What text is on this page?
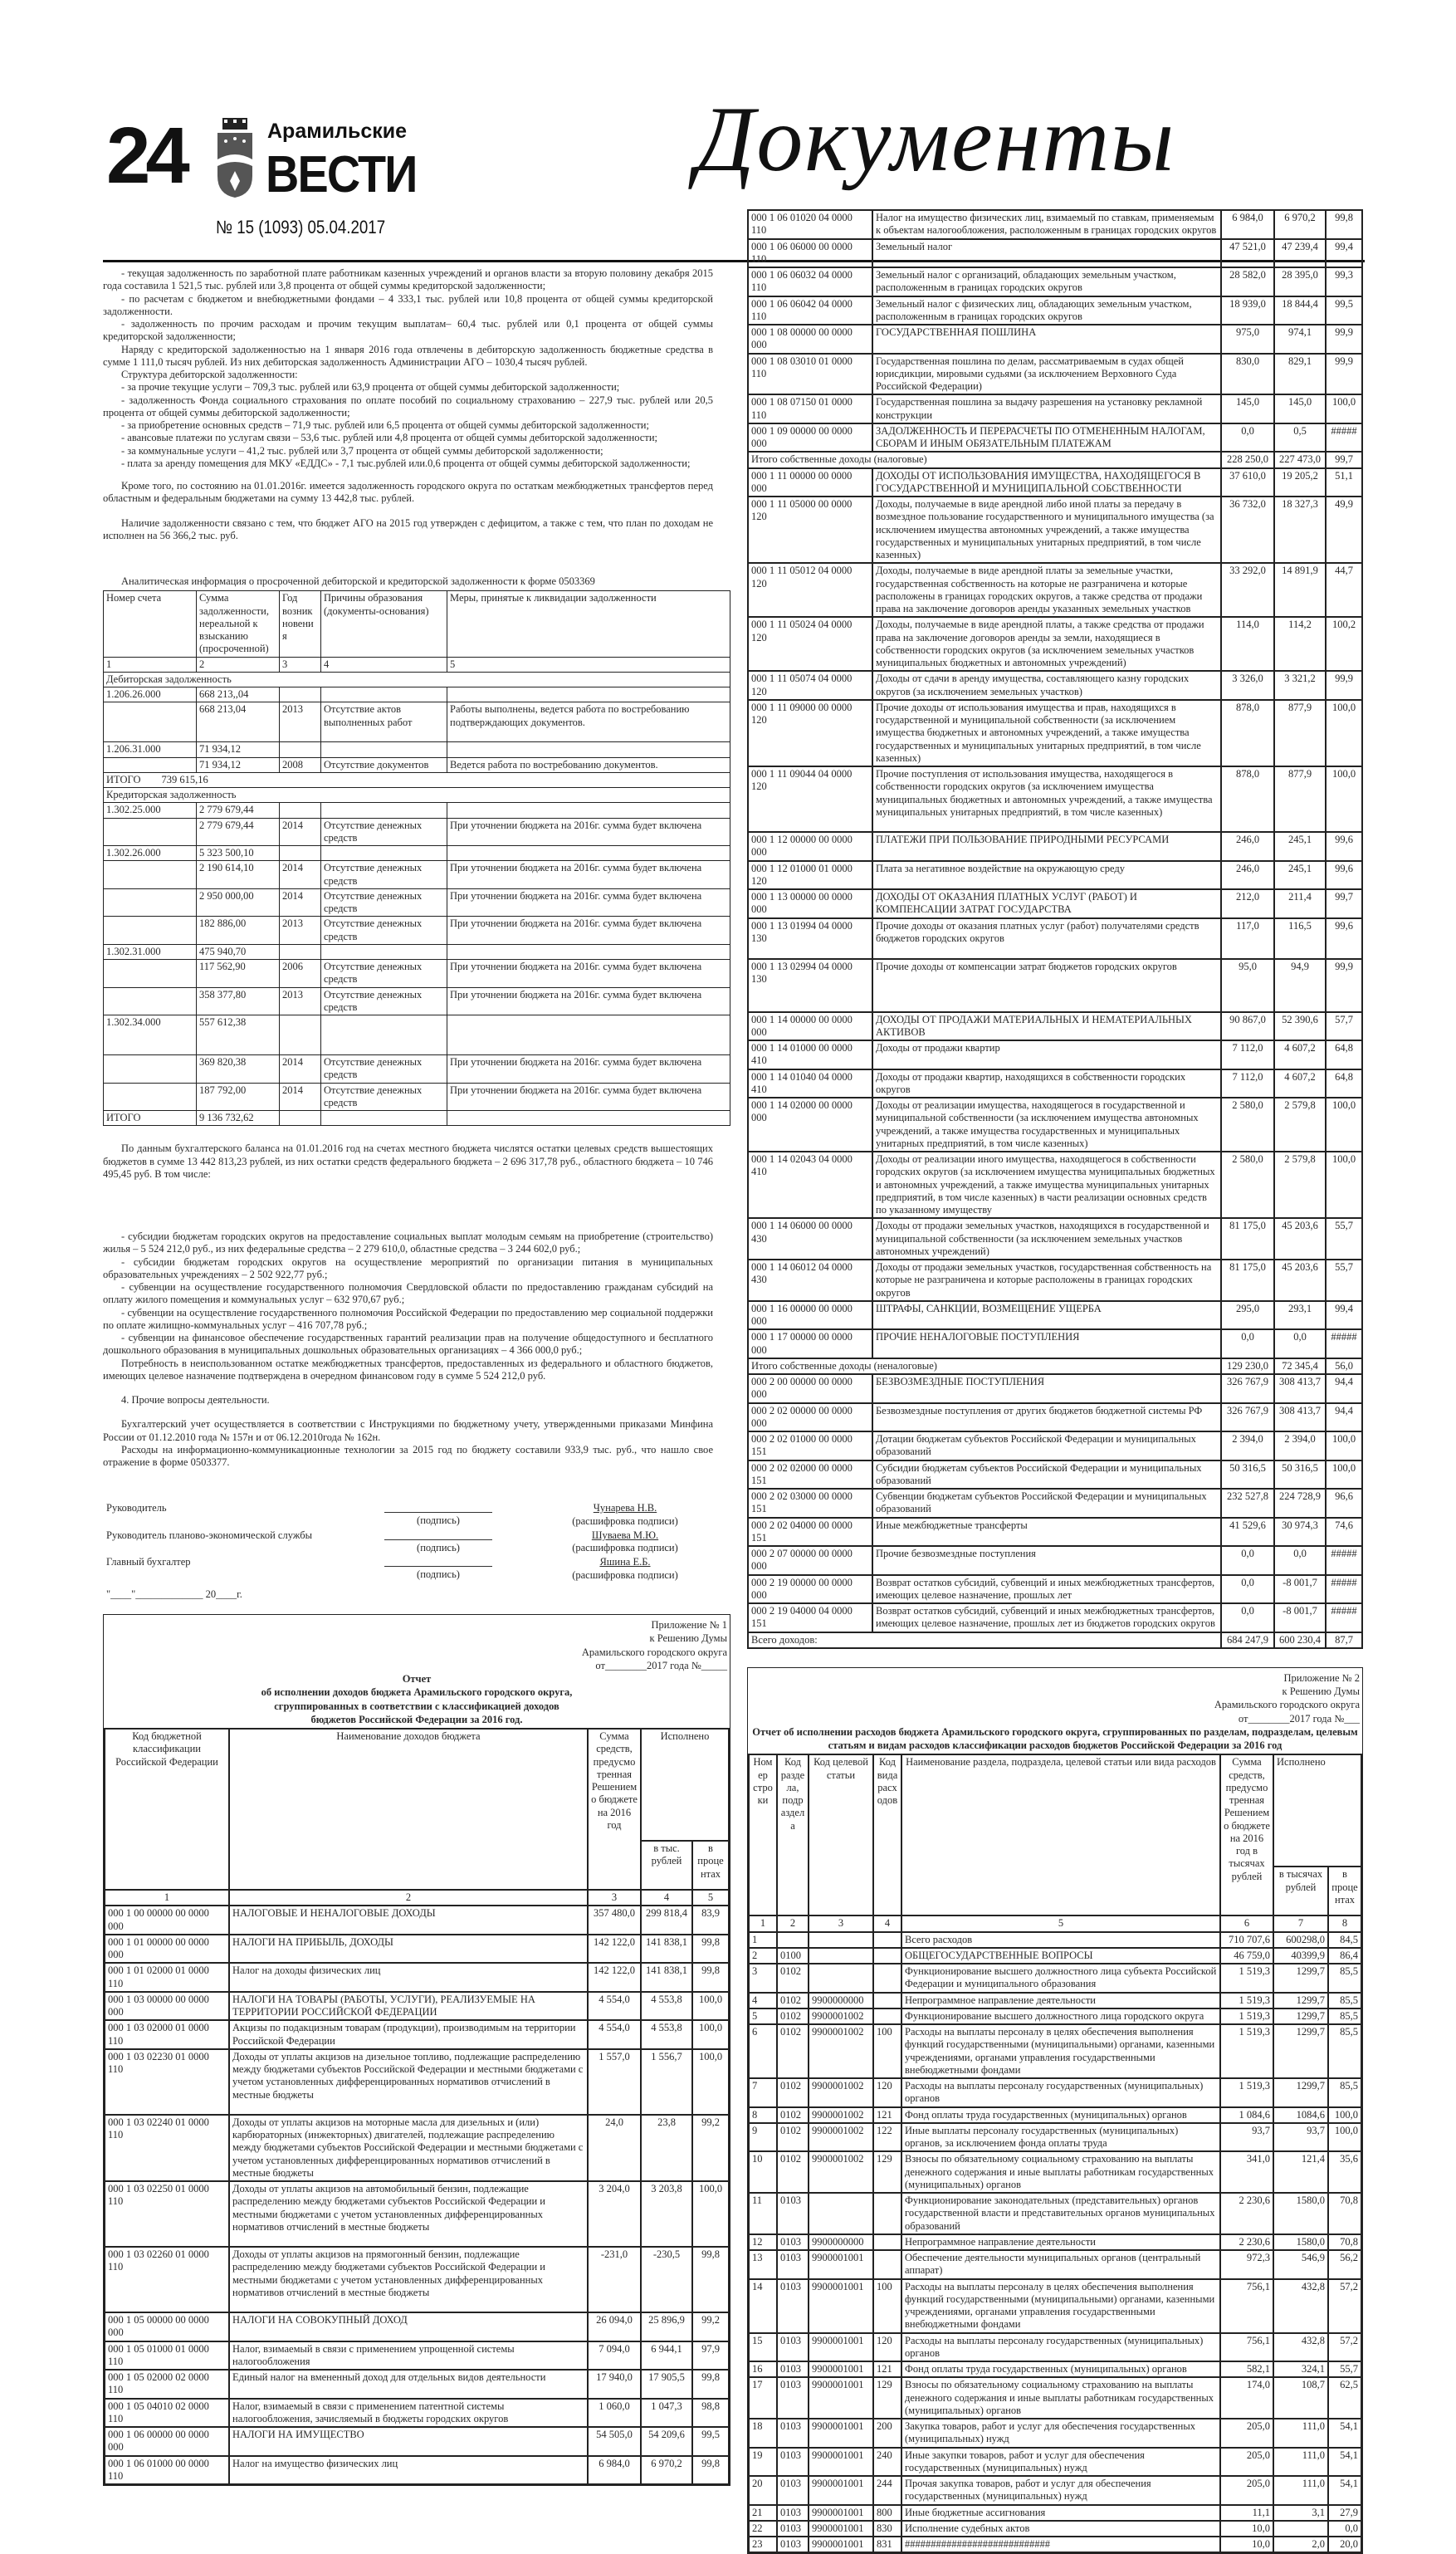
24	Арамильские
ВЕСТИ
№ 15 (1093) 05.04.2017
Документы

- текущая задолженность по заработной плате работникам казенных учреждений и органов власти за вторую половину декабря 2015 года составила 1 521,5 тыс. рублей или 3,8 процента от общей суммы кредиторской задолженности;

- по расчетам с бюджетом и внебюджетными фондами – 4 333,1 тыс. рублей или 10,8 процента от общей суммы кредиторской задолженности.

- задолженность по прочим расходам и прочим текущим выплатам– 60,4 тыс. рублей или 0,1 процента от общей суммы кредиторской задолженности;

Наряду с кредиторской задолженностью на 1 января 2016 года отвлечены в дебиторскую задолженность бюджетные средства в сумме 1 111,0 тысяч рублей. Из них дебиторская задолженность Администрации АГО – 1030,4 тысяч рублей.

Структура дебиторской задолженности:

- за прочие текущие услуги – 709,3 тыс. рублей или 63,9 процента от общей суммы дебиторской задолженности;

- задолженность Фонда социального страхования по оплате пособий по социальному страхованию – 227,9 тыс. рублей или 20,5 процента от общей суммы дебиторской задолженности;

- за приобретение основных средств – 71,9 тыс. рублей или 6,5 процента от общей суммы дебиторской задолженности;

- авансовые платежи по услугам связи – 53,6 тыс. рублей или 4,8 процента от общей суммы дебиторской задолженности;

- за коммунальные услуги – 41,2 тыс. рублей или 3,7 процента от общей суммы дебиторской задолженности;

- плата за аренду помещения для МКУ «ЕДДС» - 7,1 тыс.рублей или.0,6 процента от общей суммы дебиторской задолженности;

Кроме того, по состоянию на 01.01.2016г. имеется задолженность городского округа по остаткам межбюджетных трансфертов перед областным и федеральным бюджетами на сумму 13 442,8 тыс. рублей.

Наличие задолженности связано с тем, что бюджет АГО на 2015 год утвержден с дефицитом, а также с тем, что план по доходам не исполнен на 56 366,2 тыс. руб.

Аналитическая информация о просроченной дебиторской и кредиторской задолженности к форме 0503369
Номер счета	Сумма задолженности, нереальной к взысканию (просроченной)	Год возникновения	Причины образования (документы-основания)	Меры, принятые к ликвидации задолженности
1	2	3	4	5
Дебиторская задолженность				
1.206.26.000	668 213,,04			
	668 213,04	2013	Отсутствие актов выполненных работ	Работы выполнены, ведется работа по востребованию подтверждающих документов.
1.206.31.000	71 934,12			
	71 934,12	2008	Отсутствие документов	Ведется работа по востребованию документов.
ИТОГО        739 615,16				
Кредиторская задолженность				
1.302.25.000	2 779 679,44			
	2 779 679,44	2014	Отсутствие денежных средств	При уточнении бюджета на 2016г. сумма будет включена
1.302.26.000	5 323 500,10			
	2 190 614,10	2014	Отсутствие денежных средств	При уточнении бюджета на 2016г. сумма будет включена
	2 950 000,00	2014	Отсутствие денежных средств	При уточнении бюджета на 2016г. сумма будет включена
	182 886,00	2013	Отсутствие денежных средств	При уточнении бюджета на 2016г. сумма будет включена
1.302.31.000	475 940,70			
	117 562,90	2006	Отсутствие денежных средств	При уточнении бюджета на 2016г. сумма будет включена
	358 377,80	2013	Отсутствие денежных средств	При уточнении бюджета на 2016г. сумма будет включена
1.302.34.000	557 612,38			
	369 820,38	2014	Отсутствие денежных средств	При уточнении бюджета на 2016г. сумма будет включена
	187 792,00	2014	Отсутствие денежных средств	При уточнении бюджета на 2016г. сумма будет включена
ИТОГО	9 136 732,62			

По данным бухгалтерского баланса на 01.01.2016 год на счетах местного бюджета числятся остатки целевых средств вышестоящих бюджетов в сумме 13 442 813,23 рублей, из них остатки средств федерального бюджета – 2 696 317,78 руб., областного бюджета – 10 746 495,45 руб. В том числе:

- субсидии бюджетам городских округов на предоставление социальных выплат молодым семьям на приобретение (строительство) жилья – 5 524 212,0 руб., из них федеральные средства – 2 279 610,0, областные средства – 3 244 602,0 руб.;

- субсидии бюджетам городских округов на осуществление мероприятий по организации питания в муниципальных образовательных учреждениях – 2 502 922,77 руб.;

- субвенции на осуществление государственного полномочия Свердловской области по предоставлению гражданам субсидий на оплату жилого помещения и коммунальных услуг – 632 970,67 руб.;

- субвенции на осуществление государственного полномочия Российской Федерации по предоставлению мер социальной поддержки по оплате жилищно-коммунальных услуг – 416 707,78 руб.;

- субвенции на финансовое обеспечение государственных гарантий реализации прав на получение общедоступного и бесплатного дошкольного образования в муниципальных дошкольных образовательных организациях – 4 366 000,0 руб.;

Потребность в неиспользованном остатке межбюджетных трансфертов, предоставленных из федерального и областного бюджетов, имеющих целевое назначение подтверждена в очередном финансовом году в сумме 5 524 212,0 руб.

4. Прочие вопросы деятельности.

Бухгалтерский учет осуществляется в соответствии с Инструкциями по бюджетному учету, утвержденными приказами Минфина России от 01.12.2010 года № 157н и от 06.12.2010года № 162н.

Расходы на информационно-коммуникационные технологии за 2015 год по бюджету составили 933,9 тыс. руб., что нашло свое отражение в форме 0503377.

Руководитель
(подпись)
Чунарева Н.В.
(расшифровка подписи)
Руководитель планово-экономической службы
(подпись)
Шуваева М.Ю.
(расшифровка подписи)
Главный бухгалтер
(подпись)
Яшина Е.Б.
(расшифровка подписи)
"____"_____________ 20____г.
Приложение № 1
к Решению Думы
Арамильского городского округа
от________2017 года №_____
Отчет
об исполнении доходов бюджета Арамильского городского округа,
сгруппированных в соответствии с классификацией доходов
бюджетов Российской Федерации за 2016 год.
Код бюджетной классификации Российской Федерации	Наименование доходов бюджета	Сумма средств, предусмотренная Решением о бюджете на 2016 год	Исполнено	
			в тыс. рублей	в процентах
1	2	3	4	5
000 1 00 00000 00 0000 000	НАЛОГОВЫЕ И НЕНАЛОГОВЫЕ ДОХОДЫ	357 480,0	299 818,4	83,9
000 1 01 00000 00 0000 000	НАЛОГИ НА ПРИБЫЛЬ, ДОХОДЫ	142 122,0	141 838,1	99,8
000 1 01 02000 01 0000 110	Налог на доходы физических лиц	142 122,0	141 838,1	99,8
000 1 03 00000 00 0000 000	НАЛОГИ НА ТОВАРЫ (РАБОТЫ, УСЛУГИ), РЕАЛИЗУЕМЫЕ НА ТЕРРИТОРИИ РОССИЙСКОЙ ФЕДЕРАЦИИ	4 554,0	4 553,8	100,0
000 1 03 02000 01 0000 110	Акцизы по подакцизным товарам (продукции), производимым на территории Российской Федерации	4 554,0	4 553,8	100,0
000 1 03 02230 01 0000 110	Доходы от уплаты акцизов на дизельное топливо, подлежащие распределению между бюджетами субъектов Российской Федерации и местными бюджетами с учетом установленных дифференцированных нормативов отчислений в местные бюджеты	1 557,0	1 556,7	100,0
000 1 03 02240 01 0000 110	Доходы от уплаты акцизов на моторные масла для дизельных и (или) карбюраторных (инжекторных) двигателей, подлежащие распределению между бюджетами субъектов Российской Федерации и местными бюджетами с учетом установленных дифференцированных нормативов отчислений в местные бюджеты	24,0	23,8	99,2
000 1 03 02250 01 0000 110	Доходы от уплаты акцизов на автомобильный бензин, подлежащие распределению между бюджетами субъектов Российской Федерации и местными бюджетами с учетом установленных дифференцированных нормативов отчислений в местные бюджеты	3 204,0	3 203,8	100,0
000 1 03 02260 01 0000 110	Доходы от уплаты акцизов на прямогонный бензин, подлежащие распределению между бюджетами субъектов Российской Федерации и местными бюджетами с учетом установленных дифференцированных нормативов отчислений в местные бюджеты	-231,0	-230,5	99,8
000 1 05 00000 00 0000 000	НАЛОГИ НА СОВОКУПНЫЙ ДОХОД	26 094,0	25 896,9	99,2
000 1 05 01000 01 0000 110	Налог, взимаемый в связи с применением упрощенной системы налогообложения	7 094,0	6 944,1	97,9
000 1 05 02000 02 0000 110	Единый налог на вмененный доход для отдельных видов деятельности	17 940,0	17 905,5	99,8
000 1 05 04010 02 0000 110	Налог, взимаемый в связи с применением патентной системы налогообложения, зачисляемый в бюджеты городских округов	1 060,0	1 047,3	98,8
000 1 06 00000 00 0000 000	НАЛОГИ НА ИМУЩЕСТВО	54 505,0	54 209,6	99,5
000 1 06 01000 00 0000 110	Налог на имущество физических лиц	6 984,0	6 970,2	99,8
000 1 06 01020 04 0000 110	Налог на имущество физических лиц, взимаемый по ставкам, применяемым к объектам налогообложения, расположенным в границах городских округов	6 984,0	6 970,2	99,8
000 1 06 06000 00 0000 110	Земельный налог	47 521,0	47 239,4	99,4
000 1 06 06032 04 0000 110	Земельный налог с организаций, обладающих земельным участком, расположенным в границах городских округов	28 582,0	28 395,0	99,3
000 1 06 06042 04 0000 110	Земельный налог с физических лиц, обладающих земельным участком, расположенным в границах городских округов	18 939,0	18 844,4	99,5
000 1 08 00000 00 0000 000	ГОСУДАРСТВЕННАЯ ПОШЛИНА	975,0	974,1	99,9
000 1 08 03010 01 0000 110	Государственная пошлина по делам, рассматриваемым в судах общей юрисдикции, мировыми судьями (за исключением Верховного Суда Российской Федерации)	830,0	829,1	99,9
000 1 08 07150 01 0000 110	Государственная пошлина за выдачу разрешения на установку рекламной конструкции	145,0	145,0	100,0
000 1 09 00000 00 0000 000	ЗАДОЛЖЕННОСТЬ И ПЕРЕРАСЧЕТЫ ПО ОТМЕНЕННЫМ НАЛОГАМ, СБОРАМ И ИНЫМ ОБЯЗАТЕЛЬНЫМ ПЛАТЕЖАМ	0,0	0,5	#####
Итого собственные доходы (налоговые)		228 250,0	227 473,0	99,7
000 1 11 00000 00 0000 000	ДОХОДЫ ОТ ИСПОЛЬЗОВАНИЯ ИМУЩЕСТВА, НАХОДЯЩЕГОСЯ В ГОСУДАРСТВЕННОЙ И МУНИЦИПАЛЬНОЙ СОБСТВЕННОСТИ	37 610,0	19 205,2	51,1
000 1 11 05000 00 0000 120	Доходы, получаемые в виде арендной либо иной платы за передачу в возмездное пользование государственного и муниципального имущества (за исключением имущества автономных учреждений, а также имущества государственных и муниципальных унитарных предприятий, в том числе казенных)	36 732,0	18 327,3	49,9
000 1 11 05012 04 0000 120	Доходы, получаемые в виде арендной платы за земельные участки, государственная собственность на которые не разграничена и которые расположены в границах городских округов, а также средства от продажи права на заключение договоров аренды указанных земельных участков	33 292,0	14 891,9	44,7
000 1 11 05024 04 0000 120	Доходы, получаемые в виде арендной платы, а также средства от продажи права на заключение договоров аренды за земли, находящиеся в собственности городских округов (за исключением земельных участков муниципальных бюджетных и автономных учреждений)	114,0	114,2	100,2
000 1 11 05074 04 0000 120	Доходы от сдачи в аренду имущества, составляющего казну городских округов (за исключением земельных участков)	3 326,0	3 321,2	99,9
000 1 11 09000 00 0000 120	Прочие доходы от использования имущества и прав, находящихся в государственной и муниципальной собственности (за исключением имущества бюджетных и автономных учреждений, а также имущества государственных и муниципальных унитарных предприятий, в том числе казенных)	878,0	877,9	100,0
000 1 11 09044 04 0000 120	Прочие поступления от использования имущества, находящегося в собственности городских округов (за исключением имущества муниципальных бюджетных и автономных учреждений, а также имущества муниципальных унитарных предприятий, в том числе казенных)	878,0	877,9	100,0
000 1 12 00000 00 0000 000	ПЛАТЕЖИ ПРИ ПОЛЬЗОВАНИЕ ПРИРОДНЫМИ РЕСУРСАМИ	246,0	245,1	99,6
000 1 12 01000 01 0000 120	Плата за негативное воздействие на окружающую среду	246,0	245,1	99,6
000 1 13 00000 00 0000 000	ДОХОДЫ ОТ ОКАЗАНИЯ ПЛАТНЫХ УСЛУГ (РАБОТ) И КОМПЕНСАЦИИ ЗАТРАТ ГОСУДАРСТВА	212,0	211,4	99,7
000 1 13 01994 04 0000 130	Прочие доходы от оказания платных услуг (работ) получателями средств бюджетов городских округов	117,0	116,5	99,6
000 1 13 02994 04 0000 130	Прочие доходы от компенсации затрат бюджетов городских округов	95,0	94,9	99,9
000 1 14 00000 00 0000 000	ДОХОДЫ ОТ ПРОДАЖИ МАТЕРИАЛЬНЫХ И НЕМАТЕРИАЛЬНЫХ АКТИВОВ	90 867,0	52 390,6	57,7
000 1 14 01000 00 0000 410	Доходы от продажи квартир	7 112,0	4 607,2	64,8
000 1 14 01040 04 0000 410	Доходы от продажи квартир, находящихся в собственности городских округов	7 112,0	4 607,2	64,8
000 1 14 02000 00 0000 000	Доходы от реализации имущества, находящегося в государственной и муниципальной собственности (за исключением имущества автономных учреждений, а также имущества государственных и муниципальных унитарных предприятий, в том числе казенных)	2 580,0	2 579,8	100,0
000 1 14 02043 04 0000 410	Доходы от реализации иного имущества, находящегося в собственности городских округов (за исключением имущества муниципальных бюджетных и автономных учреждений, а также имущества муниципальных унитарных предприятий, в том числе казенных) в части реализации основных средств по указанному имуществу	2 580,0	2 579,8	100,0
000 1 14 06000 00 0000 430	Доходы от продажи земельных участков, находящихся в государственной и муниципальной собственности (за исключением земельных участков автономных учреждений)	81 175,0	45 203,6	55,7
000 1 14 06012 04 0000 430	Доходы от продажи земельных участков, государственная собственность на которые не разграничена и которые расположены в границах городских округов	81 175,0	45 203,6	55,7
000 1 16 00000 00 0000 000	ШТРАФЫ, САНКЦИИ, ВОЗМЕЩЕНИЕ УЩЕРБА	295,0	293,1	99,4
000 1 17 00000 00 0000 000	ПРОЧИЕ НЕНАЛОГОВЫЕ ПОСТУПЛЕНИЯ	0,0	0,0	#####
Итого собственные доходы (неналоговые)		129 230,0	72 345,4	56,0
000 2 00 00000 00 0000 000	БЕЗВОЗМЕЗДНЫЕ ПОСТУПЛЕНИЯ	326 767,9	308 413,7	94,4
000 2 02 00000 00 0000 000	Безвозмездные поступления от других бюджетов бюджетной системы РФ	326 767,9	308 413,7	94,4
000 2 02 01000 00 0000 151	Дотации бюджетам субъектов Российской Федерации и муниципальных образований	2 394,0	2 394,0	100,0
000 2 02 02000 00 0000 151	Субсидии бюджетам субъектов Российской Федерации и муниципальных образований	50 316,5	50 316,5	100,0
000 2 02 03000 00 0000 151	Субвенции бюджетам субъектов Российской Федерации и муниципальных образований	232 527,8	224 728,9	96,6
000 2 02 04000 00 0000 151	Иные межбюджетные трансферты	41 529,6	30 974,3	74,6
000 2 07 00000 00 0000 000	Прочие безвозмездные поступления	0,0	0,0	#####
000 2 19 00000 00 0000 000	Возврат остатков субсидий, субвенций и иных межбюджетных трансфертов, имеющих целевое назначение, прошлых лет	0,0	-8 001,7	#####
000 2 19 04000 04 0000 151	Возврат остатков субсидий, субвенций и иных межбюджетных трансфертов, имеющих целевое назначение, прошлых лет из бюджетов городских округов	0,0	-8 001,7	#####
Всего доходов:		684 247,9	600 230,4	87,7
Приложение № 2
к Решению Думы
Арамильского городского округа
от________2017 года №___
Отчет об исполнении расходов бюджета Арамильского городского округа, сгруппированных по разделам, подразделам, целевым статьям и видам расходов классификации расходов бюджетов Российской Федерации за 2016 год
Номер строки	Код раздела, подраздела	Код целевой статьи	Код вида расходов	Наименование раздела, подраздела, целевой статьи или вида расходов	Сумма средств, предусмотренная Решением о бюджете на 2016 год в тысячах рублей	Исполнено	
						в тысячах рублей	в процентах
1	2	3	4	5	6	7	8
1				Всего расходов	710 707,6	600298,0	84,5
2	0100			ОБЩЕГОСУДАРСТВЕННЫЕ ВОПРОСЫ	46 759,0	40399,9	86,4
3	0102			Функционирование высшего должностного лица субъекта Российской Федерации и муниципального образования	1 519,3	1299,7	85,5
4	0102	9900000000		Непрограммное направление деятельности	1 519,3	1299,7	85,5
5	0102	9900001002		Функционирование высшего должностного лица городского округа	1 519,3	1299,7	85,5
6	0102	9900001002	100	Расходы на выплаты персоналу в целях обеспечения выполнения функций государственными (муниципальными) органами, казенными учреждениями, органами управления государственными внебюджетными фондами	1 519,3	1299,7	85,5
7	0102	9900001002	120	Расходы на выплаты персоналу государственных (муниципальных) органов	1 519,3	1299,7	85,5
8	0102	9900001002	121	Фонд оплаты труда государственных (муниципальных) органов	1 084,6	1084,6	100,0
9	0102	9900001002	122	Иные выплаты персоналу государственных (муниципальных) органов, за исключением фонда оплаты труда	93,7	93,7	100,0
10	0102	9900001002	129	Взносы по обязательному социальному страхованию на выплаты денежного содержания и иные выплаты работникам государственных (муниципальных) органов	341,0	121,4	35,6
11	0103			Функционирование законодательных (представительных) органов государственной власти и представительных органов муниципальных образований	2 230,6	1580,0	70,8
12	0103	9900000000		Непрограммное направление деятельности	2 230,6	1580,0	70,8
13	0103	9900001001		Обеспечение деятельности муниципальных органов (центральный аппарат)	972,3	546,9	56,2
14	0103	9900001001	100	Расходы на выплаты персоналу в целях обеспечения выполнения функций государственными (муниципальными) органами, казенными учреждениями, органами управления государственными внебюджетными фондами	756,1	432,8	57,2
15	0103	9900001001	120	Расходы на выплаты персоналу государственных (муниципальных) органов	756,1	432,8	57,2
16	0103	9900001001	121	Фонд оплаты труда государственных (муниципальных) органов	582,1	324,1	55,7
17	0103	9900001001	129	Взносы по обязательному социальному страхованию на выплаты денежного содержания и иные выплаты работникам государственных (муниципальных) органов	174,0	108,7	62,5
18	0103	9900001001	200	Закупка товаров, работ и услуг для обеспечения государственных (муниципальных) нужд	205,0	111,0	54,1
19	0103	9900001001	240	Иные закупки товаров, работ и услуг для обеспечения государственных (муниципальных) нужд	205,0	111,0	54,1
20	0103	9900001001	244	Прочая закупка товаров, работ и услуг для обеспечения государственных (муниципальных) нужд	205,0	111,0	54,1
21	0103	9900001001	800	Иные бюджетные ассигнования	11,1	3,1	27,9
22	0103	9900001001	830	Исполнение судебных актов	10,0		0,0
23	0103	9900001001	831	############################	10,0	2,0	20,0
